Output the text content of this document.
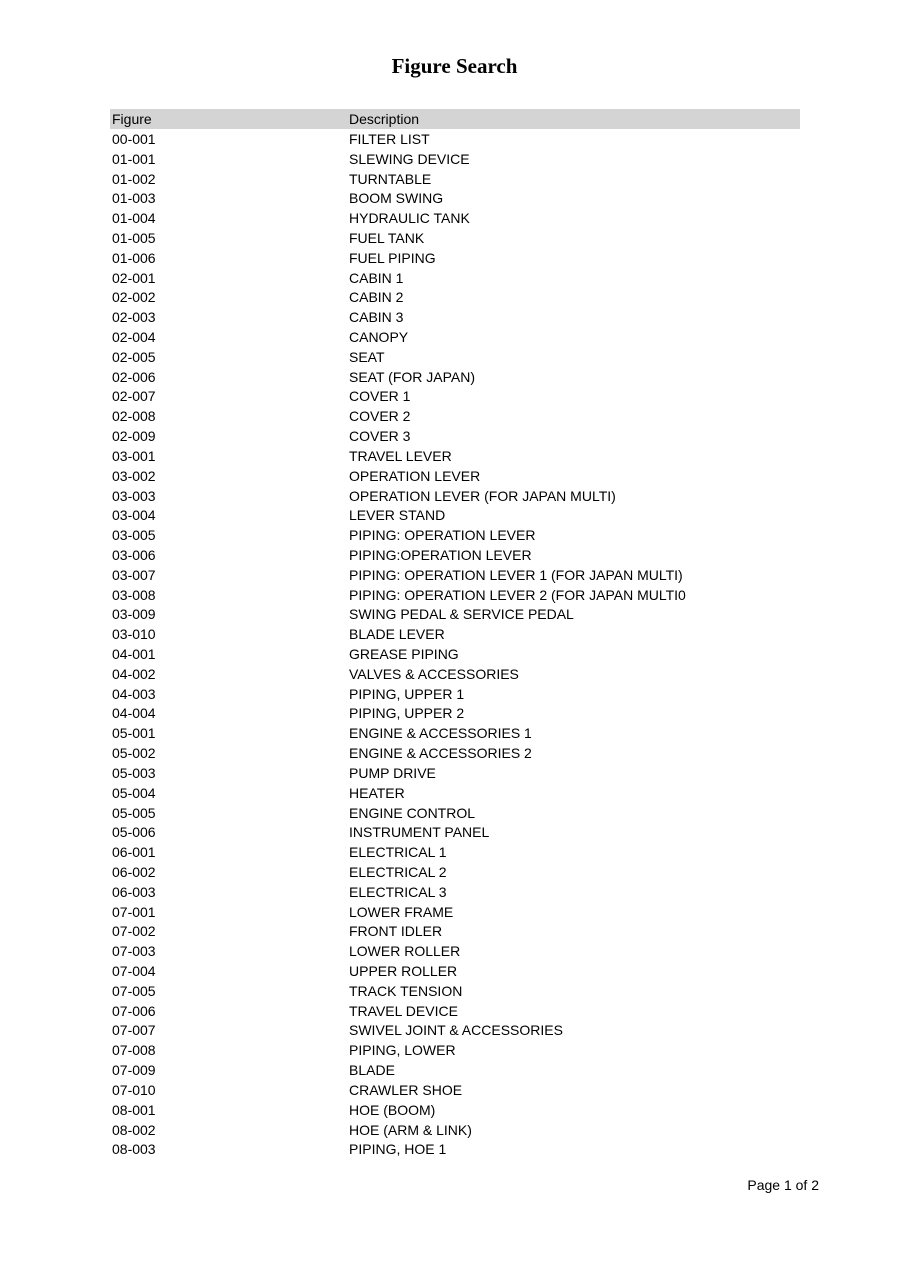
Figure Search
Figure	Description
00-001	FILTER LIST
01-001	SLEWING DEVICE
01-002	TURNTABLE
01-003	BOOM SWING
01-004	HYDRAULIC TANK
01-005	FUEL TANK
01-006	FUEL PIPING
02-001	CABIN 1
02-002	CABIN 2
02-003	CABIN 3
02-004	CANOPY
02-005	SEAT
02-006	SEAT (FOR JAPAN)
02-007	COVER 1
02-008	COVER 2
02-009	COVER 3
03-001	TRAVEL LEVER
03-002	OPERATION LEVER
03-003	OPERATION LEVER (FOR JAPAN MULTI)
03-004	LEVER STAND
03-005	PIPING: OPERATION LEVER
03-006	PIPING:OPERATION LEVER
03-007	PIPING: OPERATION LEVER 1 (FOR JAPAN MULTI)
03-008	PIPING: OPERATION LEVER 2 (FOR JAPAN MULTI0
03-009	SWING PEDAL & SERVICE PEDAL
03-010	BLADE LEVER
04-001	GREASE PIPING
04-002	VALVES & ACCESSORIES
04-003	PIPING, UPPER 1
04-004	PIPING, UPPER 2
05-001	ENGINE & ACCESSORIES 1
05-002	ENGINE & ACCESSORIES 2
05-003	PUMP DRIVE
05-004	HEATER
05-005	ENGINE CONTROL
05-006	INSTRUMENT PANEL
06-001	ELECTRICAL 1
06-002	ELECTRICAL 2
06-003	ELECTRICAL 3
07-001	LOWER FRAME
07-002	FRONT IDLER
07-003	LOWER ROLLER
07-004	UPPER ROLLER
07-005	TRACK TENSION
07-006	TRAVEL DEVICE
07-007	SWIVEL JOINT & ACCESSORIES
07-008	PIPING, LOWER
07-009	BLADE
07-010	CRAWLER SHOE
08-001	HOE (BOOM)
08-002	HOE (ARM & LINK)
08-003	PIPING, HOE 1
Page 1 of 2
